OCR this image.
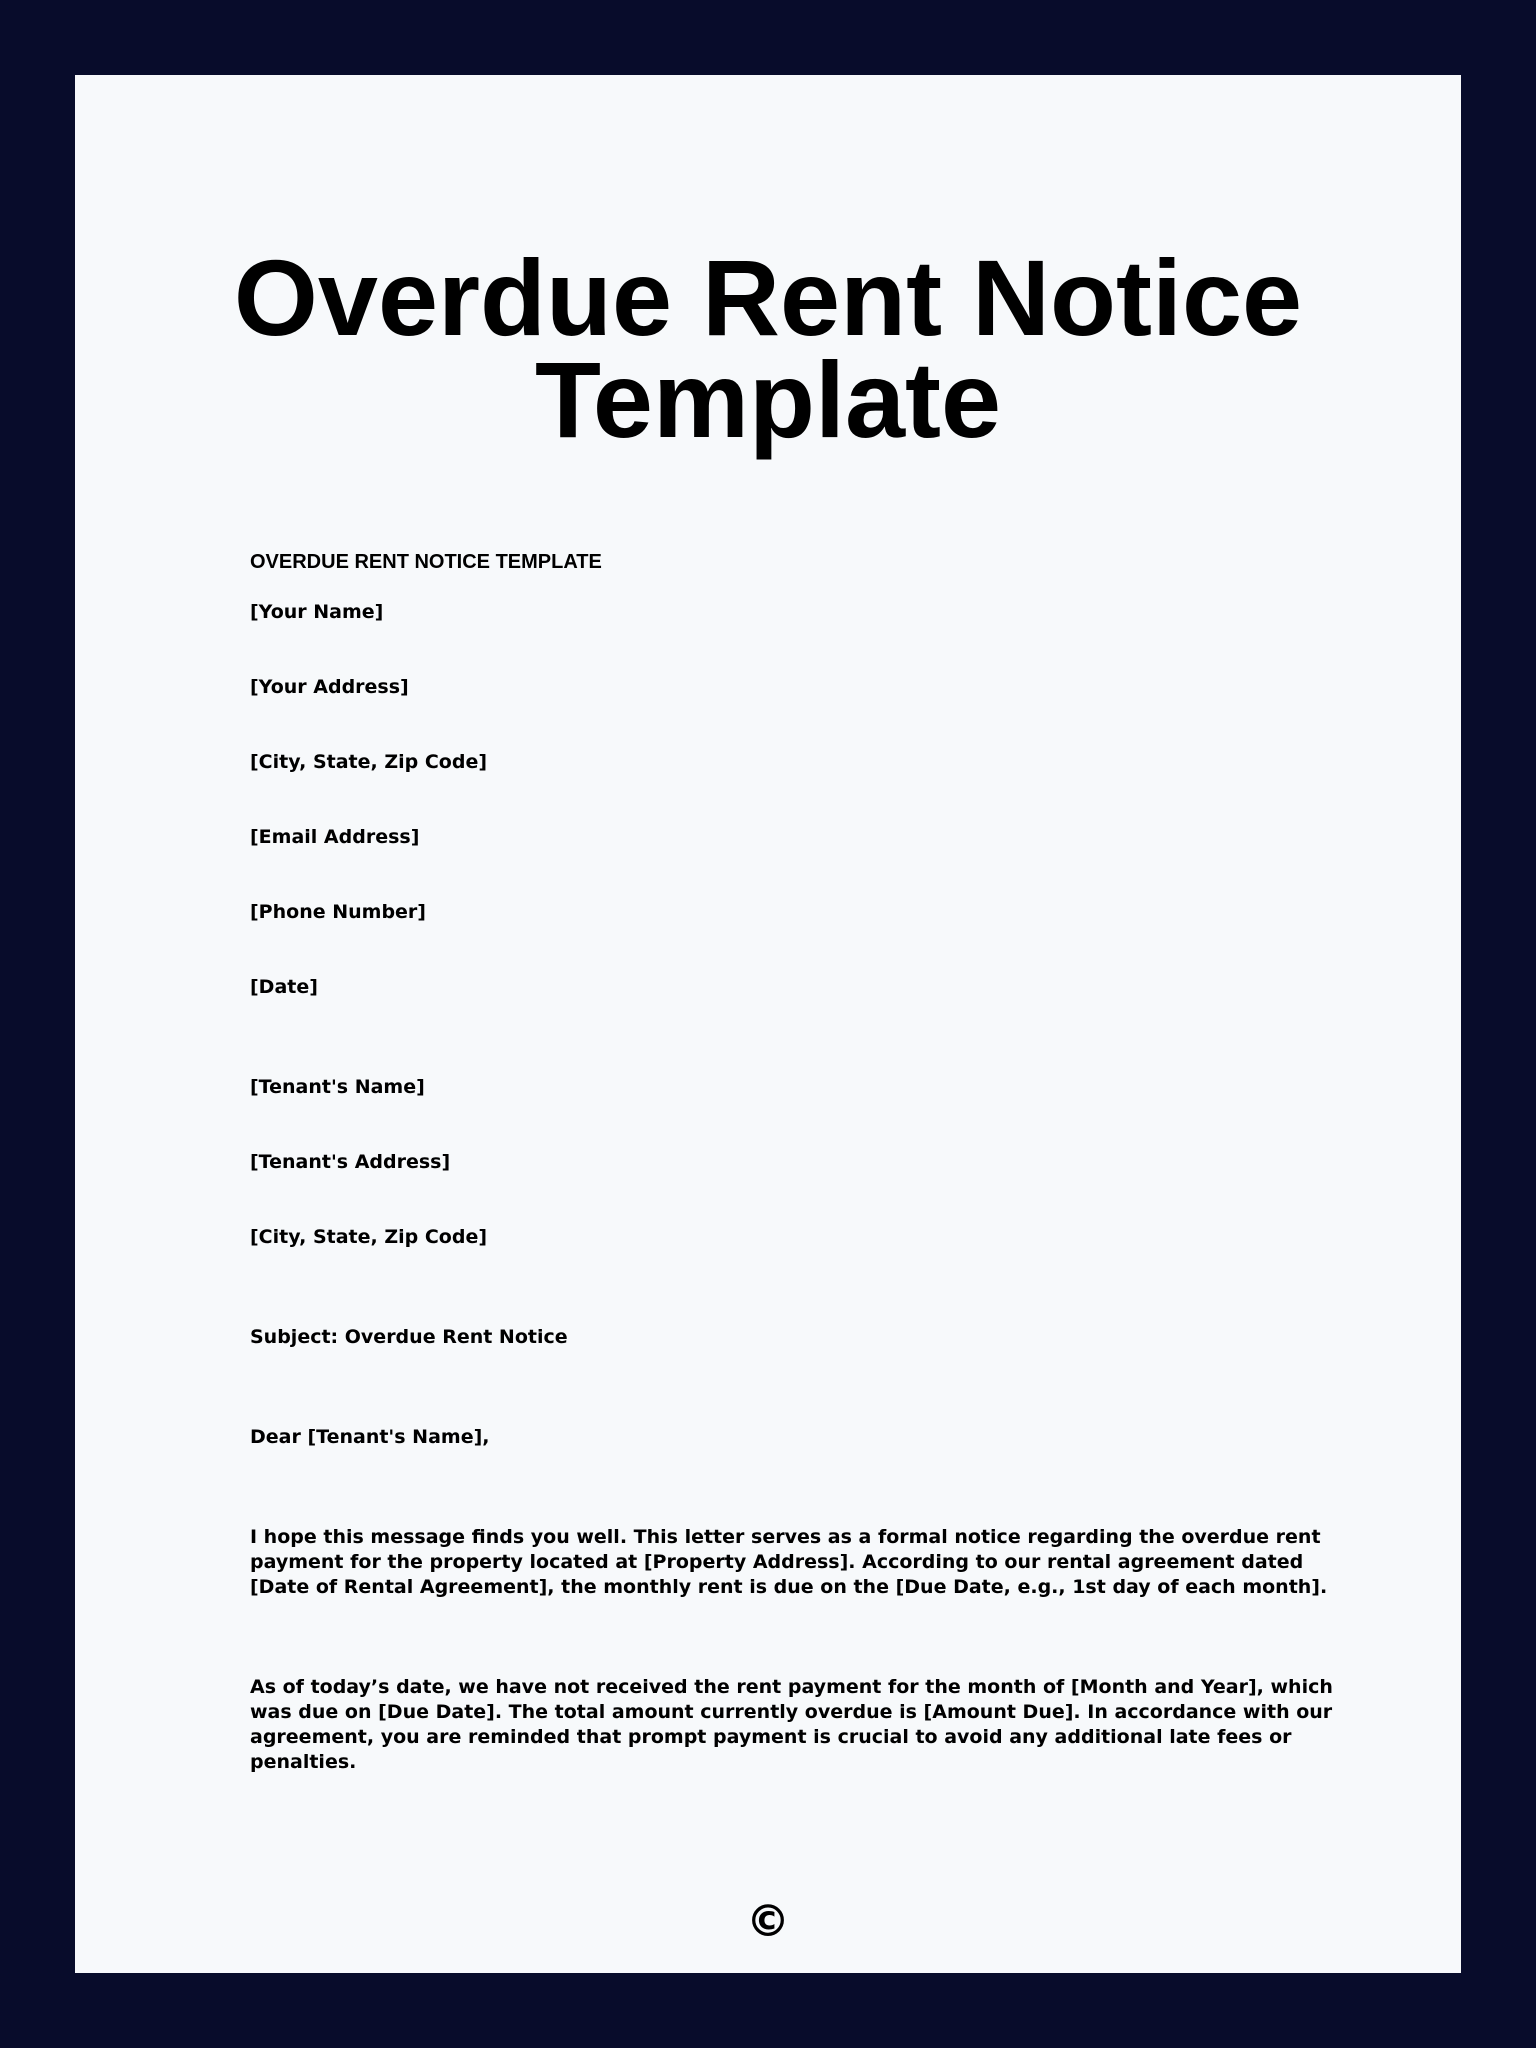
Overdue Rent Notice
Template
OVERDUE RENT NOTICE TEMPLATE
[Your Name]
[Your Address]
[City, State, Zip Code]
[Email Address]
[Phone Number]
[Date]
[Tenant's Name]
[Tenant's Address]
[City, State, Zip Code]
Subject: Overdue Rent Notice
Dear [Tenant's Name],
I hope this message finds you well. This letter serves as a formal notice regarding the overdue rent payment for the property located at [Property Address]. According to our rental agreement dated [Date of Rental Agreement], the monthly rent is due on the [Due Date, e.g., 1st day of each month].
As of today’s date, we have not received the rent payment for the month of [Month and Year], which was due on [Due Date]. The total amount currently overdue is [Amount Due]. In accordance with our agreement, you are reminded that prompt payment is crucial to avoid any additional late fees or penalties.
©
